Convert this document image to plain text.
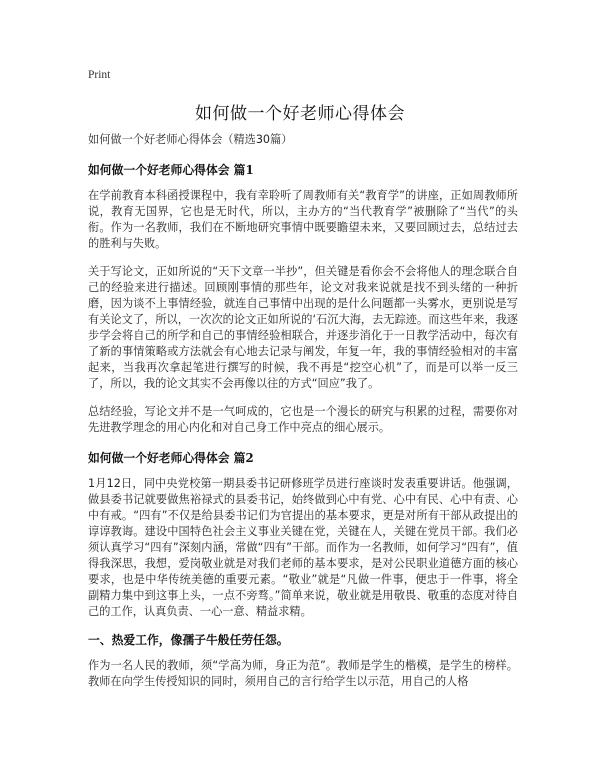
Print
如何做一个好老师心得体会
如何做一个好老师心得体会（精选30篇）
如何做一个好老师心得体会 篇1

在学前教育本科函授课程中，我有幸聆听了周教师有关“教育学”的讲座，正如周教师所说，教育无国界，它也是无时代，所以，主办方的“当代教育学”被删除了“当代”的头衔。作为一名教师，我们在不断地研究事情中既要瞻望未来，又要回顾过去，总结过去的胜利与失败。

关于写论文，正如所说的“天下文章一半抄”，但关键是看你会不会将他人的理念联合自己的经验来进行描述。回顾刚事情的那些年，论文对我来说就是找不到头绪的一种折磨，因为谈不上事情经验，就连自己事情中出现的是什么问题都一头雾水，更别说是写有关论文了，所以，一次次的论文正如所说的‘石沉大海，去无踪迹。而这些年来，我逐步学会将自己的所学和自己的事情经验相联合，并逐步消化于一日教学活动中，每次有了新的事情策略或方法就会有心地去记录与阐发，年复一年，我的事情经验相对的丰富起来，当我再次拿起笔进行撰写的时候，我不再是“挖空心机”了，而是可以举一反三了，所以，我的论文其实不会再像以往的方式“回应”我了。

总结经验，写论文并不是一气呵成的，它也是一个漫长的研究与积累的过程，需要你对先进教学理念的用心内化和对自己身工作中亮点的细心展示。

如何做一个好老师心得体会 篇2

1月12日，同中央党校第一期县委书记研修班学员进行座谈时发表重要讲话。他强调，做县委书记就要做焦裕禄式的县委书记，始终做到心中有党、心中有民、心中有责、心中有戒。“四有”不仅是给县委书记们为官提出的基本要求，更是对所有干部从政提出的谆谆教诲。建设中国特色社会主义事业关键在党，关键在人，关键在党员干部。我们必须认真学习“四有”深刻内涵，常做“四有”干部。而作为一名教师，如何学习“四有”，值得我深思，我想，爱岗敬业就是对我们老师的基本要求，是对公民职业道德方面的核心要求，也是中华传统美德的重要元素。“敬业”就是“凡做一件事，便忠于一件事，将全副精力集中到这事上头，一点不旁骛。”简单来说，敬业就是用敬畏、敬重的态度对待自己的工作，认真负责、一心一意、精益求精。

一、热爱工作，像孺子牛般任劳任怨。

作为一名人民的教师，须“学高为师，身正为范”。教师是学生的楷模，是学生的榜样。教师在向学生传授知识的同时，须用自己的言行给学生以示范，用自己的人格
